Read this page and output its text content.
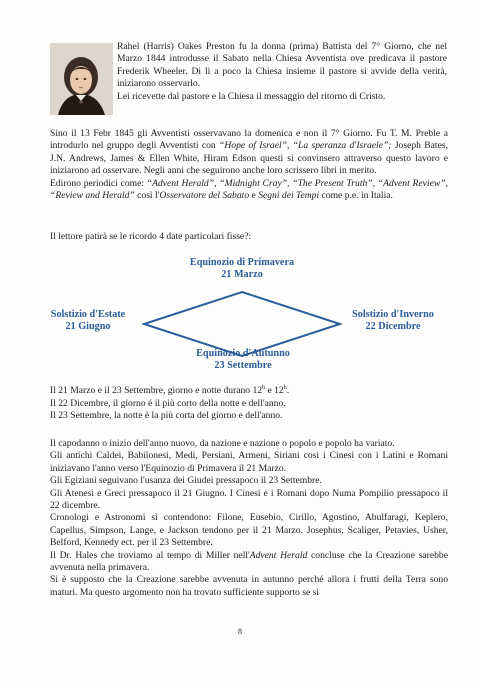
Rahel (Harris) Oakes Preston fu la donna (prima) Battista del 7° Giorno, che nel Marzo 1844 introdusse il Sabato nella Chiesa Avventista ove predicava il pastore Frederik Wheeler. Di lì a poco la Chiesa insieme il pastore si avvide della verità, iniziarono osservarlo.

Lei ricevette dal pastore e la Chiesa il messaggio del ritorno di Cristo.

Sino il 13 Febr 1845 gli Avventisti osservavano la domenica e non il 7° Giorno. Fu T. M. Preble a introdurlo nel gruppo degli Avventisti con “Hope of Israel”, “La speranza d'Israele”; Joseph Bates, J.N. Andrews, James & Ellen White, Hiram Edson questi si convinsero attraverso questo lavoro e iniziarono ad osservare. Negli anni che seguirono anche loro scrissero libri in merito.

Edirono periodici come: “Advent Herald”, “Midnight Cray”, “The Present Truth”, “Advent Review”, “Review and Herald” così l'Osservatore del Sabato e Segni dei Tempi come p.e. in Italia.

Il lettore patirà se le ricordo 4 date particolari fisse?:
Equinozio di Primavera
21 Marzo
Solstizio d'Estate
21 Giugno
Solstizio d'Inverno
22 Dicembre
Equinozio d'Autunno
23 Settembre
Il 21 Marzo e il 23 Settembre, giorno e notte durano 12$^h$ e 12$^h$.
Il 22 Dicembre, il giorno é il più corto della notte e dell'anno.
Il 23 Settembre, la notte è la più corta del giorno e dell'anno.

Il capodanno o inizio dell'anno nuovo, da nazione e nazione o popolo e popolo ha variato.

Gli antichi Caldei, Babilonesi, Medi, Persiani, Armeni, Siriani così i Cinesi con i Latini e Romani iniziavano l'anno verso l'Equinozio di Primavera il 21 Marzo.

Gli Egiziani seguivano l'usanza dei Giudei pressapoco il 23 Settembre.

Gli Atenesi e Greci pressapoco il 21 Giugno. I Cinesi e i Romani dopo Numa Pompilio pressapoco il 22 dicembre.

Cronologi e Astronomi si contendono: Filone, Eusebio, Cirillo, Agostino, Abulfaragi, Keplero, Capellus, Simpson, Lange, e Jackson tendono per il 21 Marzo. Josephus, Scaliger, Petavies, Usher, Belford, Kennedy ect. per il 23 Settembre.

Il Dr. Hales che troviamo al tempo di Miller nell'Advent Herald concluse che la Creazione sarebbe avvenuta nella primavera.

Si è supposto che la Creazione sarebbe avvenuta in autunno perché allora i frutti della Terra sono maturi. Ma questo argomento non ha trovato sufficiente supporto se si

8
